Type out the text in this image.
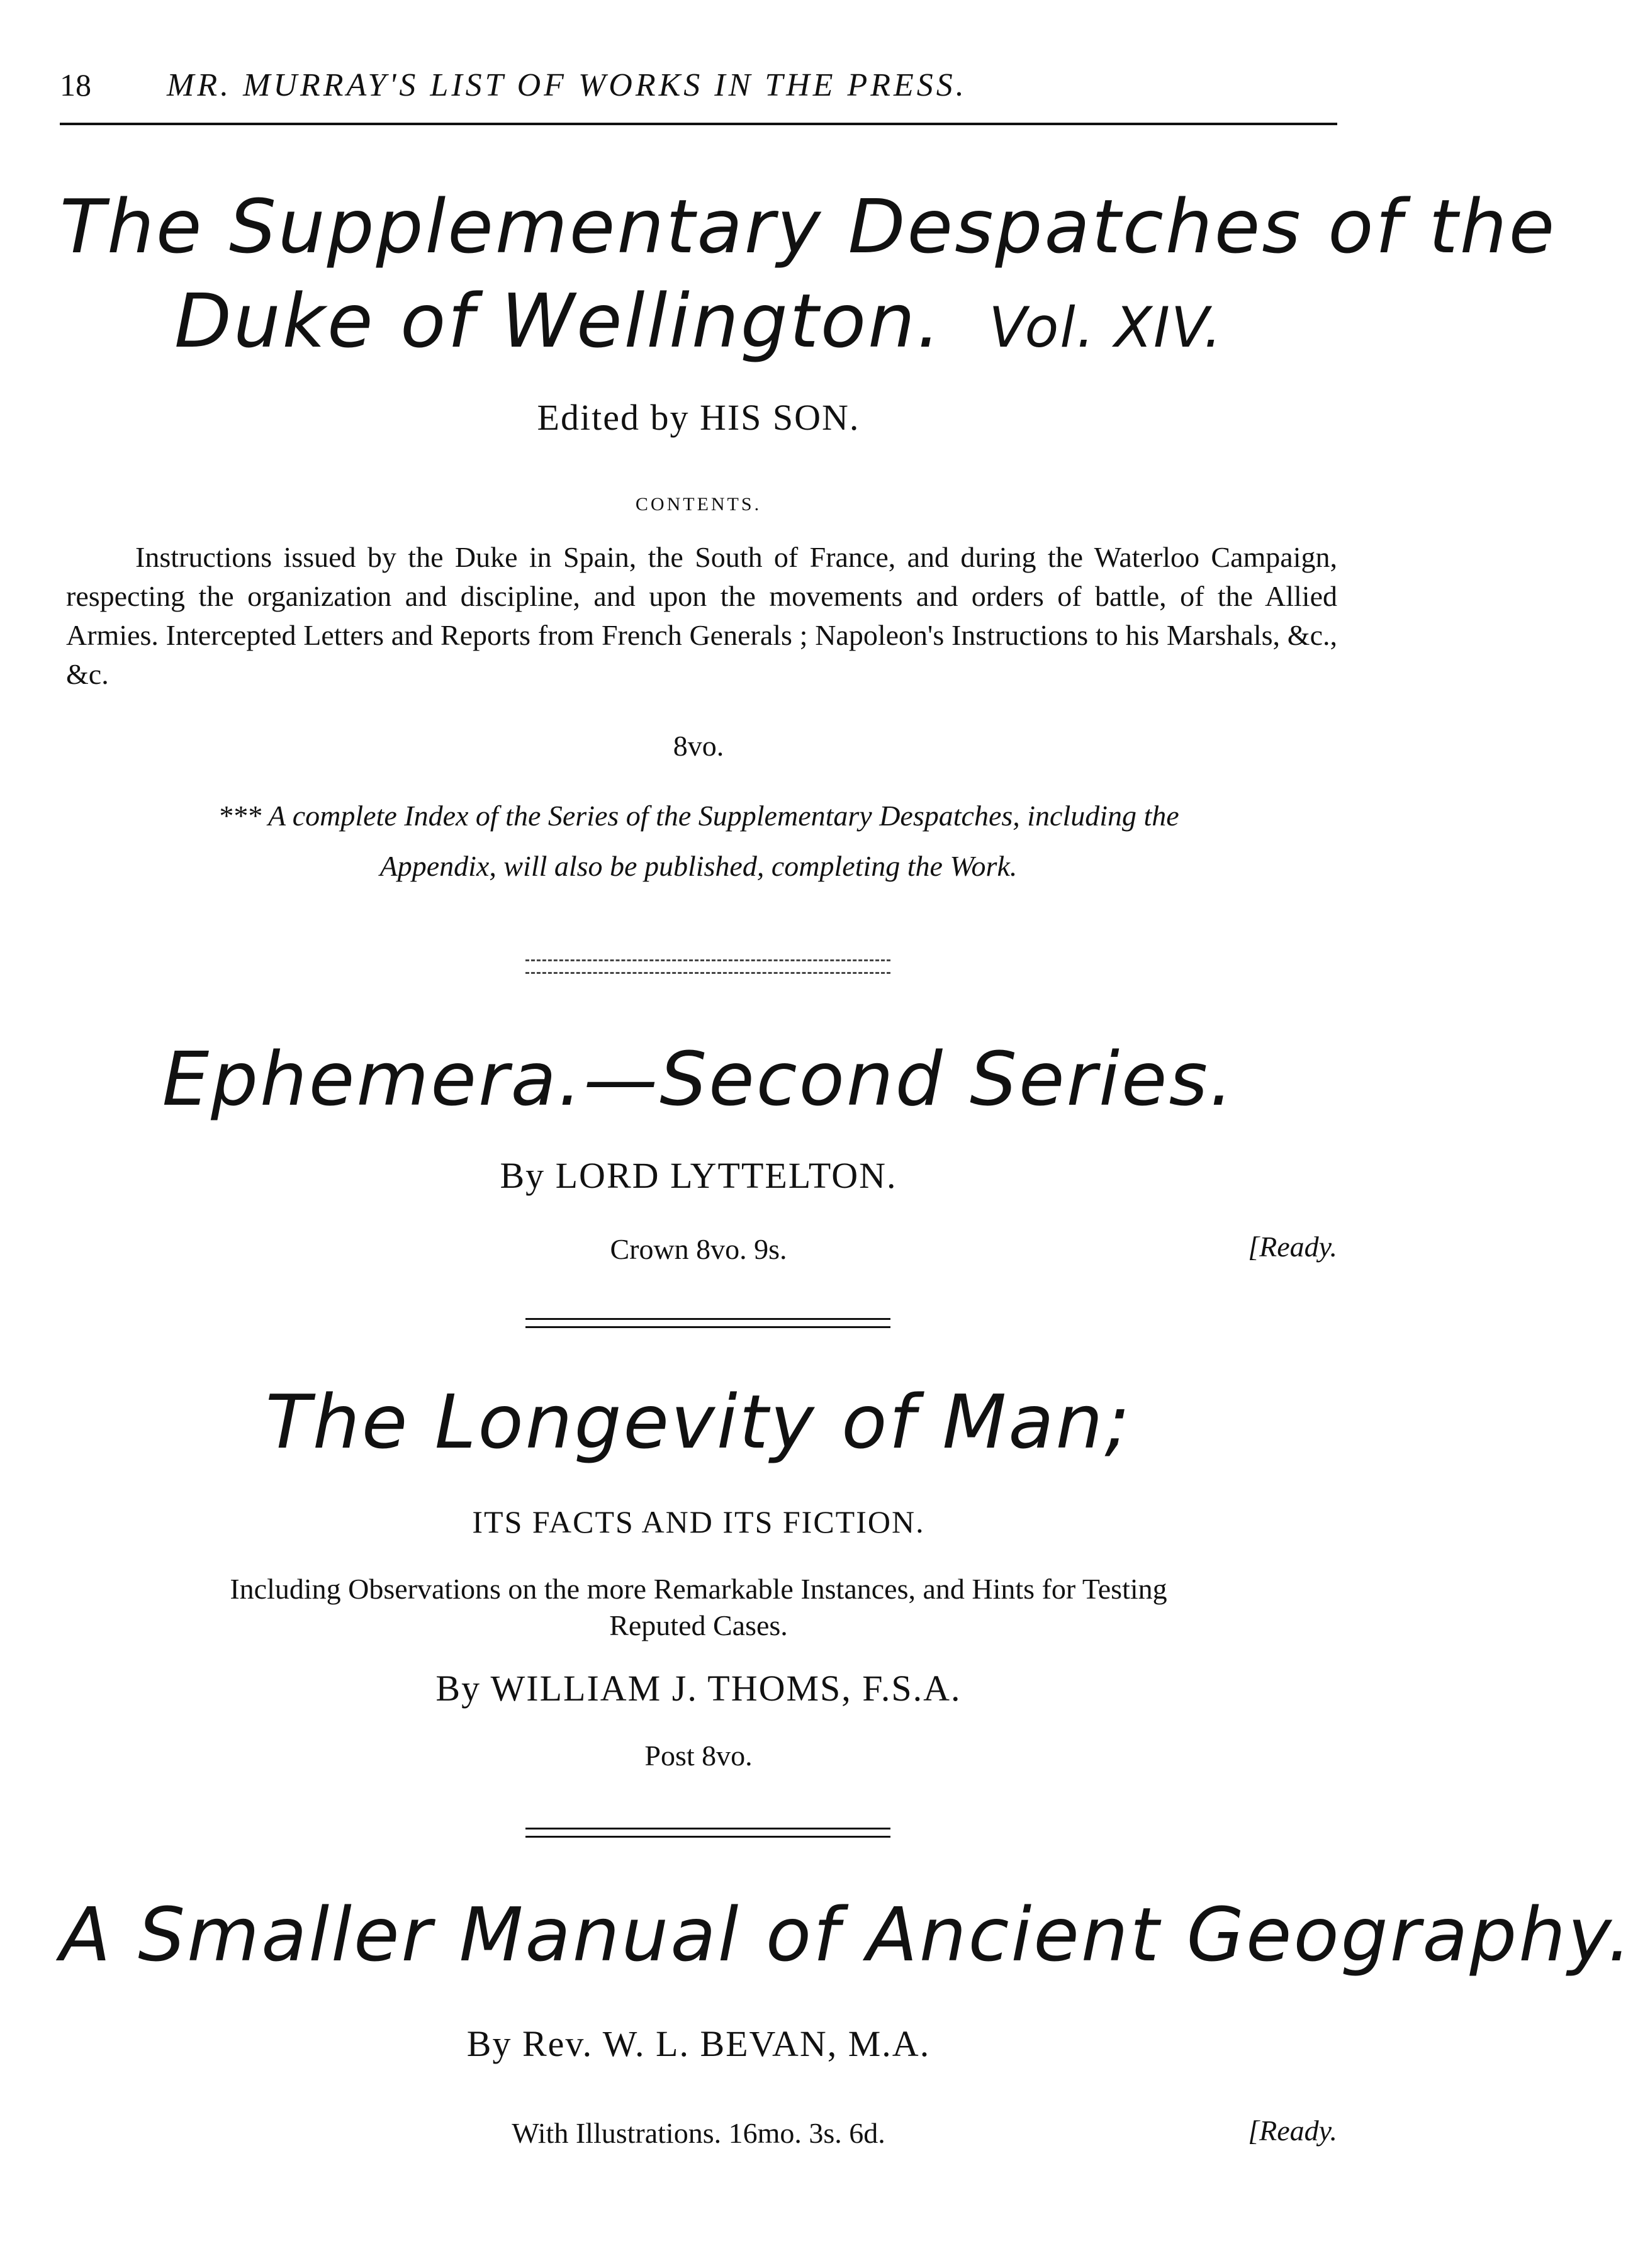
18 MR. MURRAY'S LIST OF WORKS IN THE PRESS.
The Supplementary Despatches of the
Duke of Wellington. Vol. XIV.
Edited by HIS SON.
CONTENTS.
Instructions issued by the Duke in Spain, the South of France, and during the Waterloo Campaign, respecting the organization and discipline, and upon the movements and orders of battle, of the Allied Armies. Intercepted Letters and Reports from French Generals ; Napoleon's Instructions to his Marshals, &c., &c.
8vo.
*** A complete Index of the Series of the Supplementary Despatches, including the
Appendix, will also be published, completing the Work.
Ephemera.—Second Series.
By LORD LYTTELTON.
Crown 8vo. 9s.	[Ready.
The Longevity of Man;
ITS FACTS AND ITS FICTION.
Including Observations on the more Remarkable Instances, and Hints for Testing
Reputed Cases.
By WILLIAM J. THOMS, F.S.A.
Post 8vo.
A Smaller Manual of Ancient Geography.
By Rev. W. L. BEVAN, M.A.
With Illustrations. 16mo. 3s. 6d.	[Ready.
